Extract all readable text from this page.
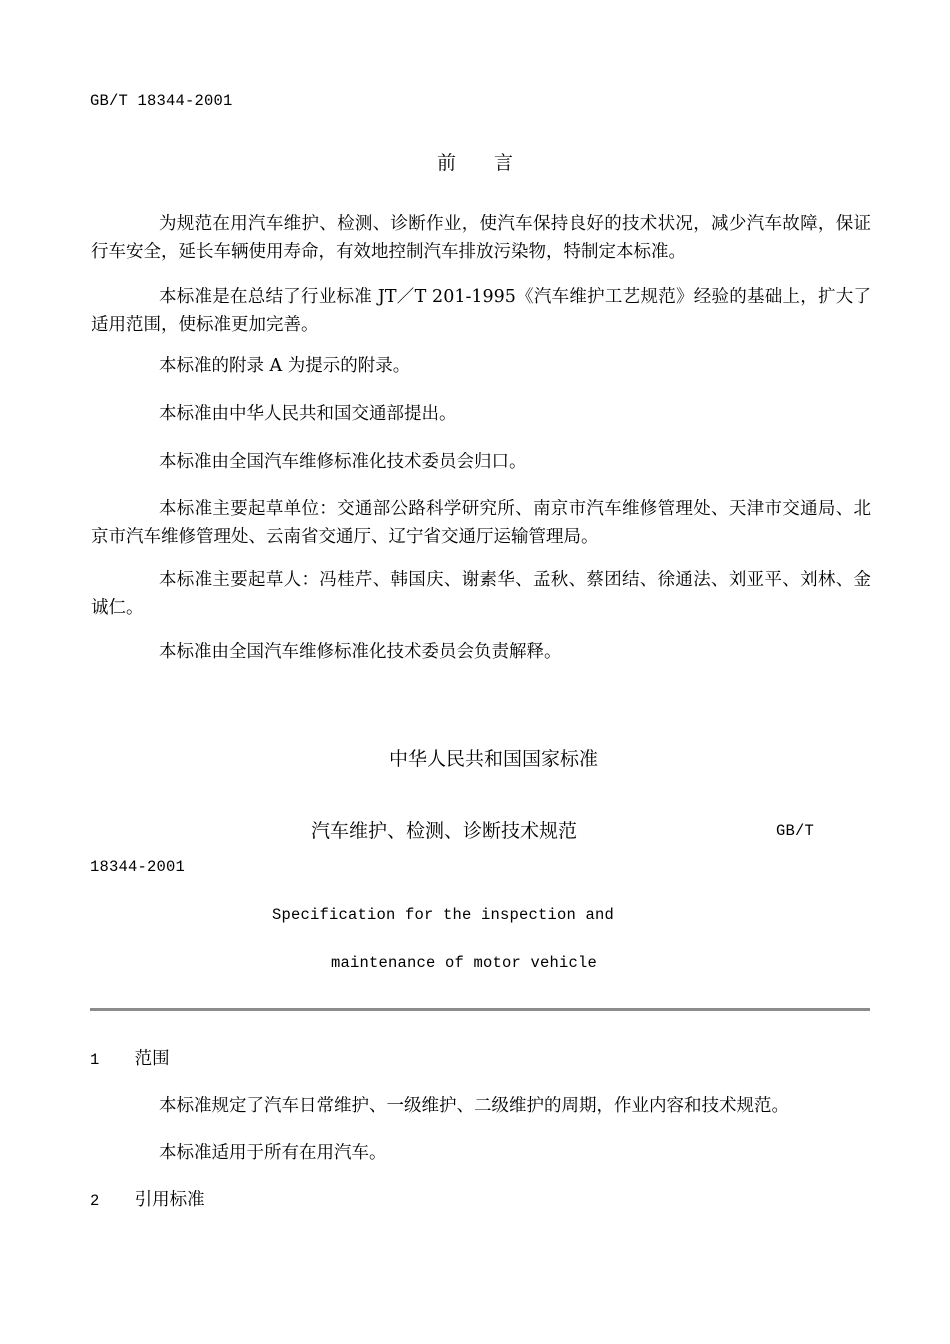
GB/T 18344-2001
前　　言

为规范在用汽车维护、检测、诊断作业，使汽车保持良好的技术状况，减少汽车故障，保证行车安全，延长车辆使用寿命，有效地控制汽车排放污染物，特制定本标准。

本标准是在总结了行业标准 JT／T 201-1995《汽车维护工艺规范》经验的基础上，扩大了适用范围，使标准更加完善。

本标准的附录 A 为提示的附录。

本标准由中华人民共和国交通部提出。

本标准由全国汽车维修标准化技术委员会归口。

本标准主要起草单位：交通部公路科学研究所、南京市汽车维修管理处、天津市交通局、北京市汽车维修管理处、云南省交通厅、辽宁省交通厅运输管理局。

本标准主要起草人：冯桂芹、韩国庆、谢素华、孟秋、蔡团结、徐通法、刘亚平、刘林、金诚仁。

本标准由全国汽车维修标准化技术委员会负责解释。

中华人民共和国国家标准
汽车维护、检测、诊断技术规范	GB/T
18344-2001
Specification for the inspection and
maintenance of motor vehicle
1 范围

本标准规定了汽车日常维护、一级维护、二级维护的周期，作业内容和技术规范。

本标准适用于所有在用汽车。

2 引用标准
